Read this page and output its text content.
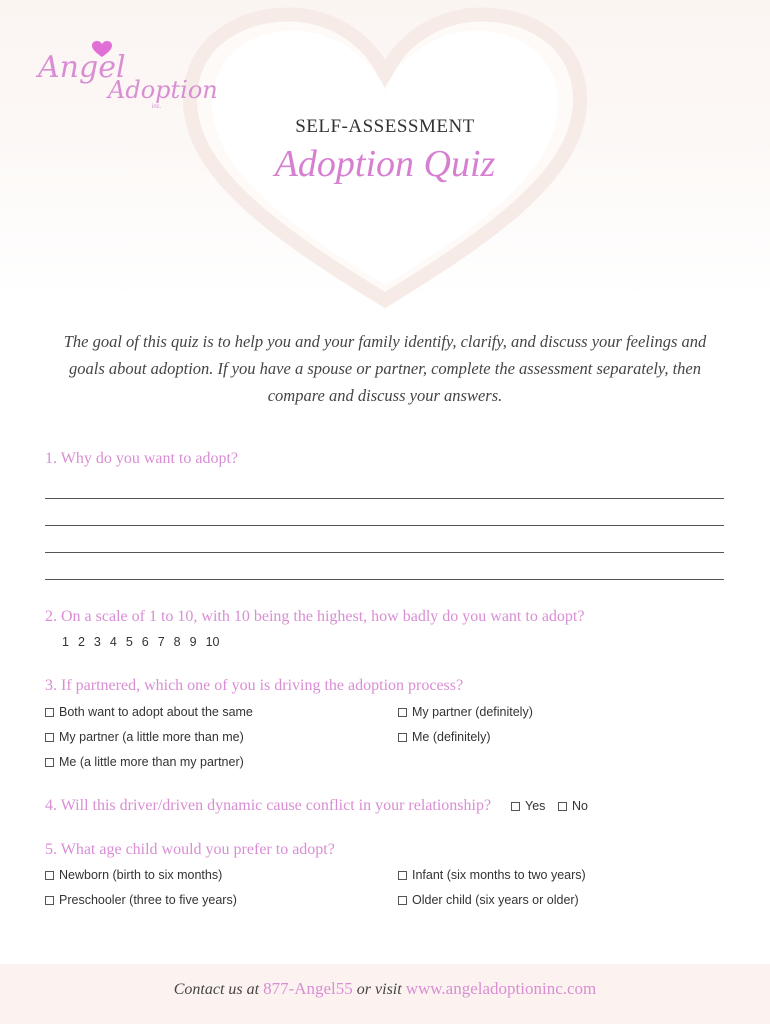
Angel
Adoption
inc.
SELF-ASSESSMENT
Adoption Quiz
The goal of this quiz is to help you and your family identify, clarify, and discuss your feelings and goals about adoption. If you have a spouse or partner, complete the assessment separately, then compare and discuss your answers.
1. Why do you want to adopt?
2. On a scale of 1 to 10, with 10 being the highest, how badly do you want to adopt?
1 2 3 4 5 6 7 8 9 10
3. If partnered, which one of you is driving the adoption process?
Both want to adopt about the same	My partner (definitely)
My partner (a little more than me)	Me (definitely)
Me (a little more than my partner)
4. Will this driver/driven dynamic cause conflict in your relationship?	Yes No
5. What age child would you prefer to adopt?
Newborn (birth to six months)	Infant (six months to two years)
Preschooler (three to five years)	Older child (six years or older)
Contact us at 877-Angel55 or visit www.angeladoptioninc.com
